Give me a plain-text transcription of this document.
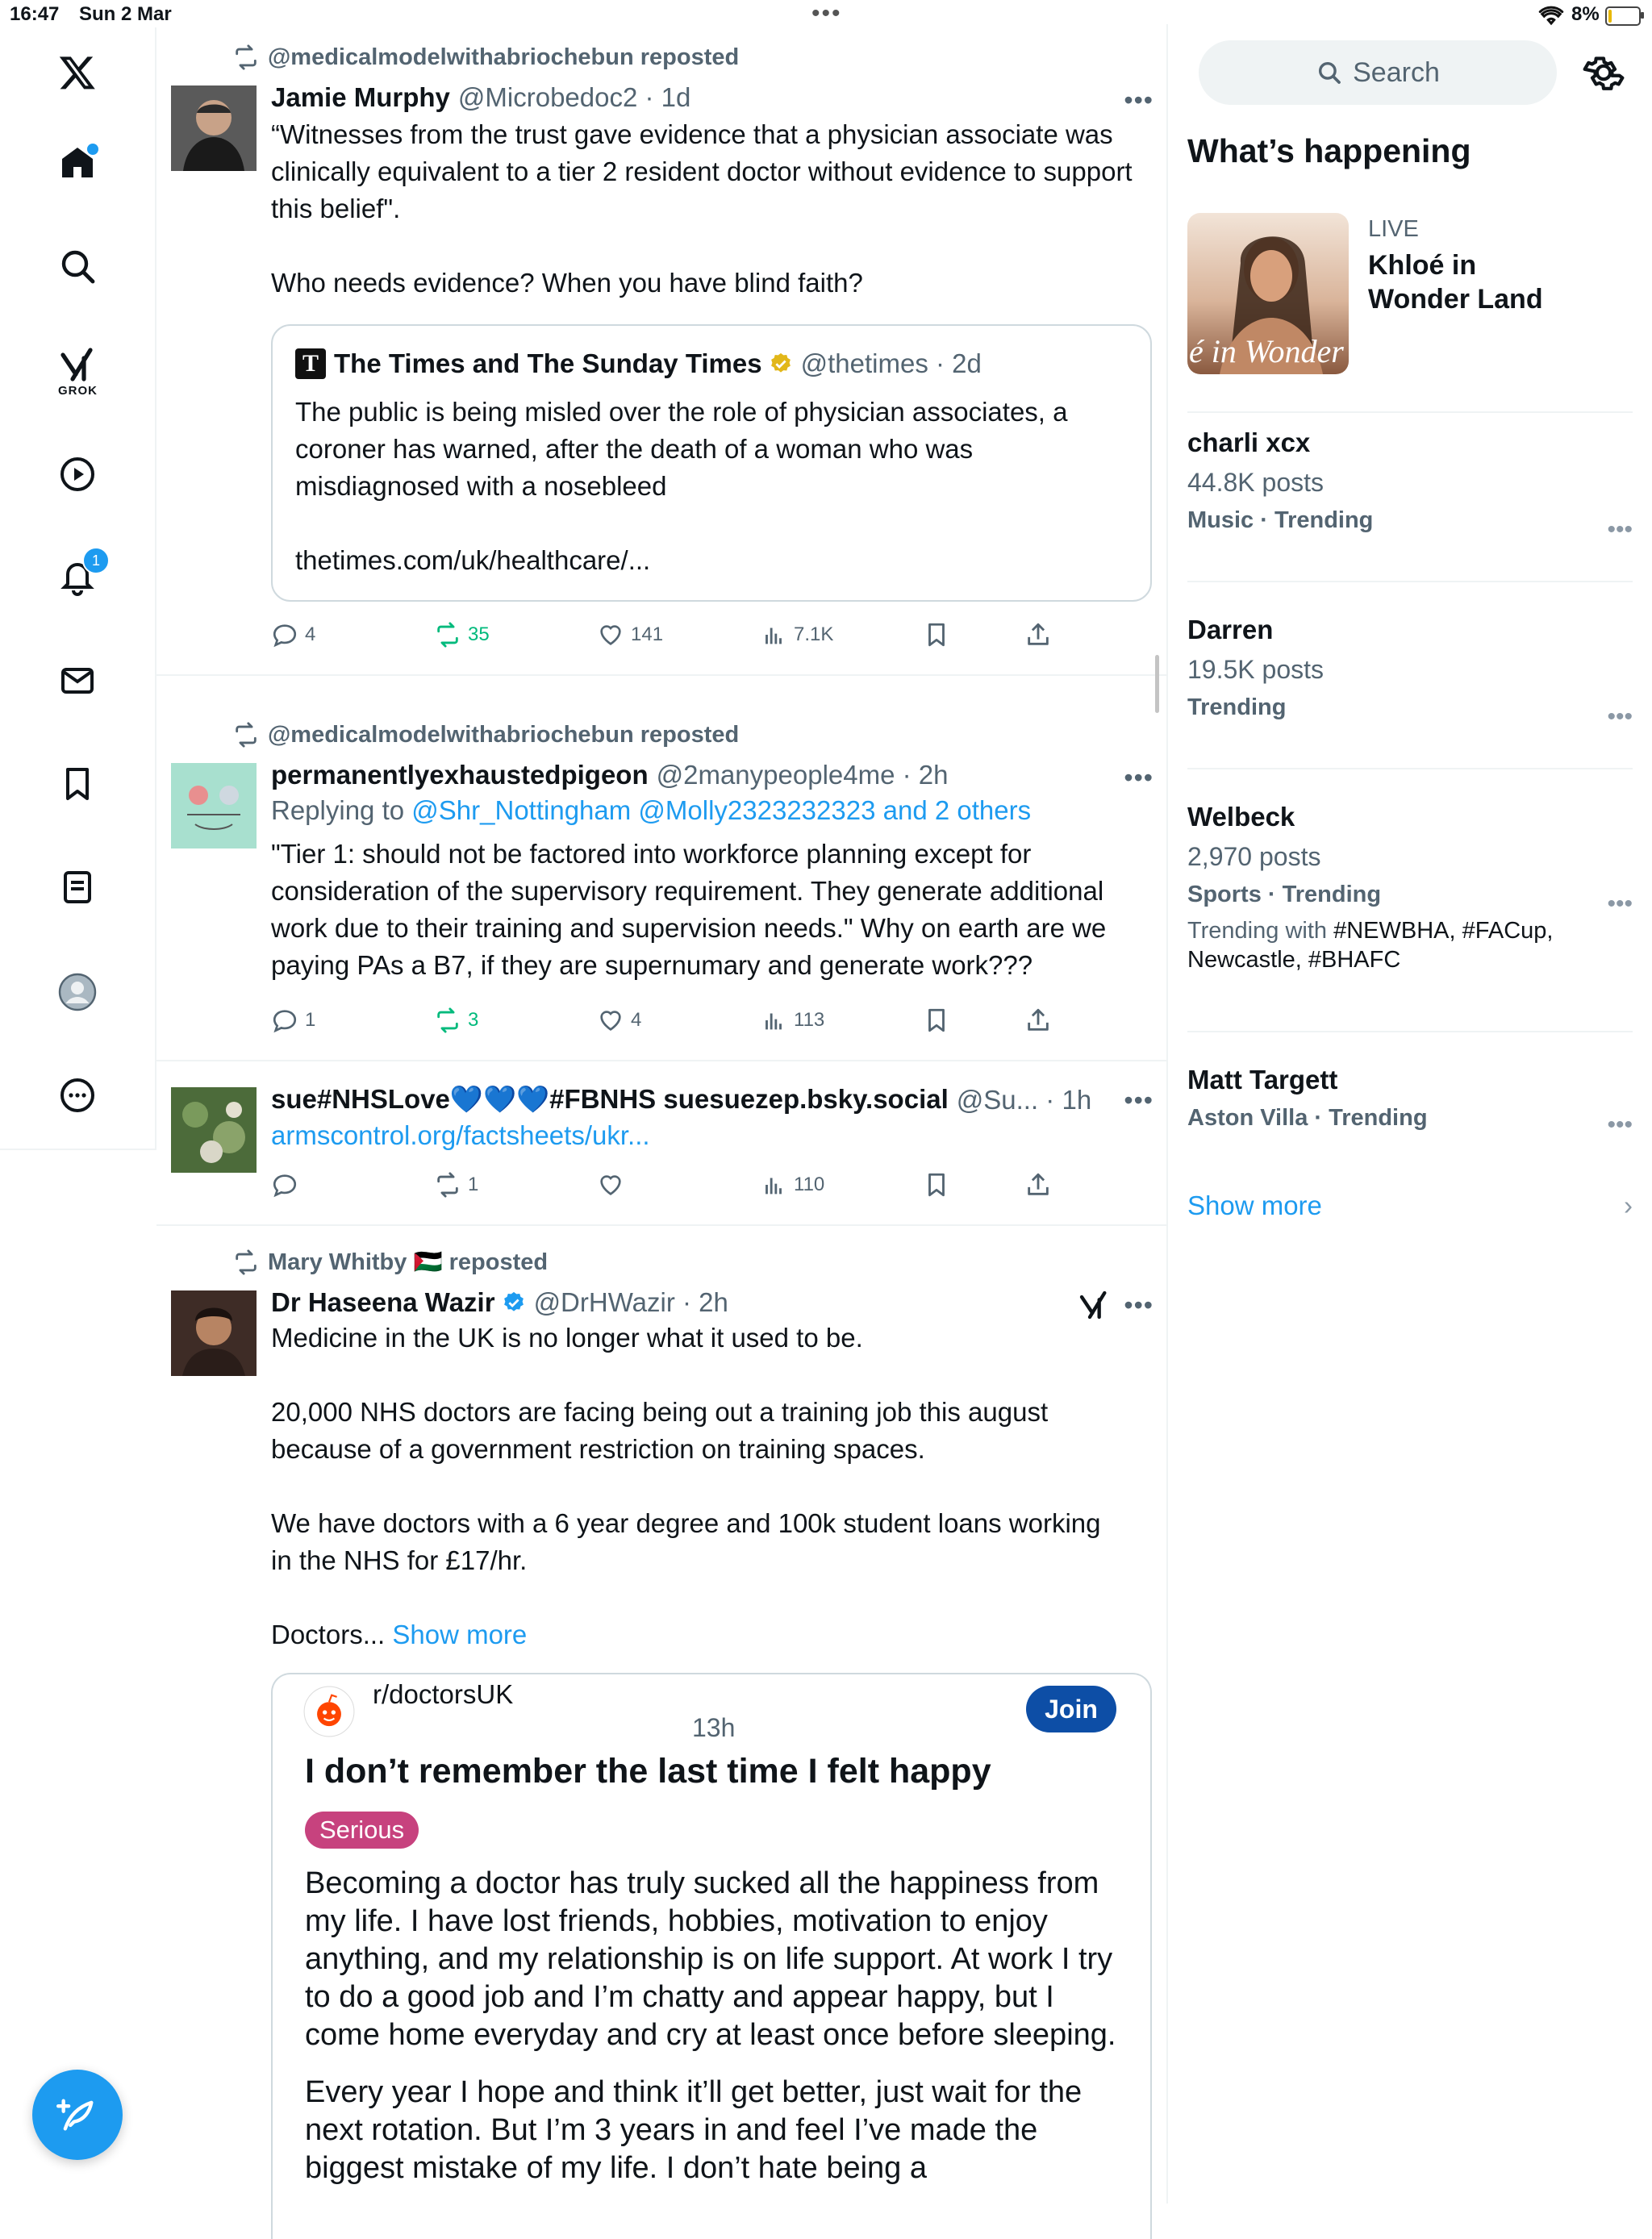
16:47 Sun 2 Mar	•••	8%
GROK
1
@medicalmodelwithabriochebun reposted
Jamie Murphy @Microbedoc2 · 1d
“Witnesses from the trust gave evidence that a physician associate was clinically equivalent to a tier 2 resident doctor without evidence to support this belief".

Who needs evidence? When you have blind faith?
•••
T The Times and The Sunday Times @thetimes · 2d
The public is being misled over the role of physician associates, a coroner has warned, after the death of a woman who was misdiagnosed with a nosebleed

thetimes.com/uk/healthcare/...
4	35	141	7.1K
@medicalmodelwithabriochebun reposted
permanentlyexhaustedpigeon @2manypeople4me · 2h
Replying to @Shr_Nottingham @Molly2323232323 and 2 others
"Tier 1: should not be factored into workforce planning except for consideration of the supervisory requirement. They generate additional work due to their training and supervision needs." Why on earth are we paying PAs a B7, if they are supernumary and generate work???
•••
1	3	4	113
sue#NHSLove💙💙💙#FBNHS suesuezep.bsky.social @Su... · 1h
armscontrol.org/factsheets/ukr...
•••
1	110
Mary Whitby 🇵🇸 reposted
Dr Haseena Wazir @DrHWazir · 2h
Medicine in the UK is no longer what it used to be.

20,000 NHS doctors are facing being out a training job this august because of a government restriction on training spaces.

We have doctors with a 6 year degree and 100k student loans working in the NHS for £17/hr.

Doctors... Show more
•••
r/doctorsUK
13h
Join
I don’t remember the last time I felt happy
Serious
Becoming a doctor has truly sucked all the happiness from my life. I have lost friends, hobbies, motivation to enjoy anything, and my relationship is on life support. At work I try to do a good job and I’m chatty and appear happy, but I come home everyday and cry at least once before sleeping.
Every year I hope and think it’ll get better, just wait for the next rotation. But I’m 3 years in and feel I’ve made the biggest mistake of my life. I don’t hate being a
Search
What’s happening
é in Wonder l
LIVE
Khloé in Wonder Land
charli xcx
44.8K posts
Music · Trending	•••
Darren
19.5K posts
Trending	•••
Welbeck
2,970 posts
Sports · Trending
Trending with #NEWBHA, #FACup, Newcastle, #BHAFC
•••
Matt Targett
Aston Villa · Trending	•••
Show more	›
